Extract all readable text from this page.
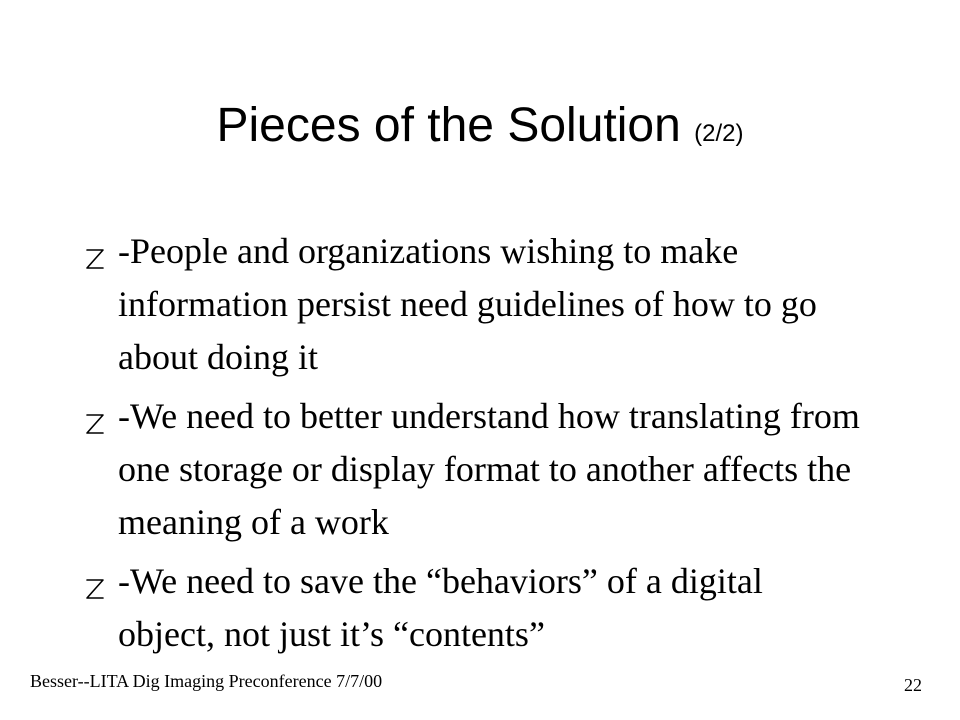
Pieces of the Solution (2/2)
-People and organizations wishing to make information persist need guidelines of how to go about doing it
-We need to better understand how translating from one storage or display format to another affects the meaning of a work
-We need to save the “behaviors” of a digital object, not just it’s “contents”
Besser--LITA Dig Imaging Preconference 7/7/00	22
